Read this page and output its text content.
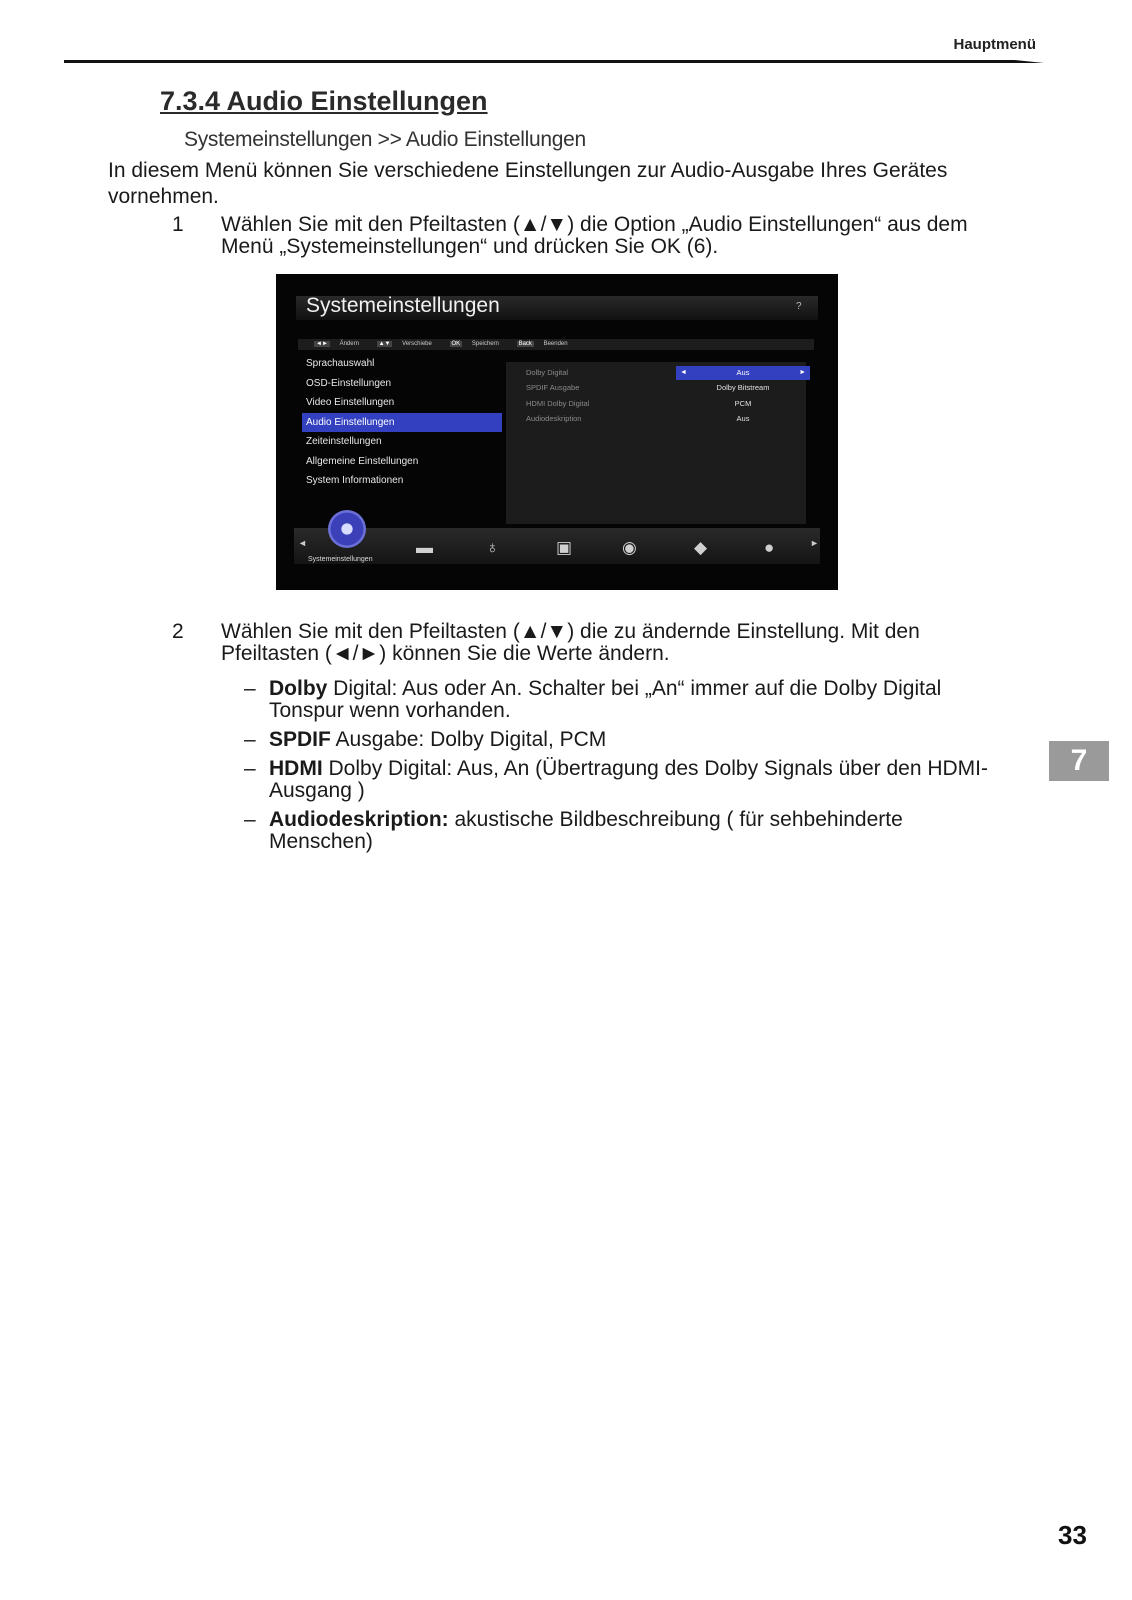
Hauptmenü
7.3.4 Audio Einstellungen
Systemeinstellungen >> Audio Einstellungen
In diesem Menü können Sie verschiedene Einstellungen zur Audio-Ausgabe Ihres Gerätes vornehmen.
1 Wählen Sie mit den Pfeiltasten (▲/▼) die Option „Audio Einstellungen“ aus dem Menü „Systemeinstellungen“ und drücken Sie OK (6).
Systemeinstellungen	?
◄► Ändern	▲▼ Verschiebe	OK Speichern	Back Beenden
Sprachauswahl
OSD-Einstellungen
Video Einstellungen
Audio Einstellungen
Zeiteinstellungen
Allgemeine Einstellungen
System Informationen
Dolby Digital	◄	Aus	►
SPDIF Ausgabe	Dolby Bitstream
HDMI Dolby Digital	PCM
Audiodeskription	Aus
◄
Systemeinstellungen
▬	♁	▣	◉	◆	●	►
2 Wählen Sie mit den Pfeiltasten (▲/▼) die zu ändernde Einstellung. Mit den Pfeiltasten (◄/►) können Sie die Werte ändern.
– Dolby Digital: Aus oder An. Schalter bei „An“ immer auf die Dolby Digital Tonspur wenn vorhanden.
– SPDIF Ausgabe: Dolby Digital, PCM
– HDMI Dolby Digital: Aus, An (Übertragung des Dolby Signals über den HDMI-Ausgang )
– Audiodeskription: akustische Bildbeschreibung ( für sehbehinderte Menschen)
7
33
